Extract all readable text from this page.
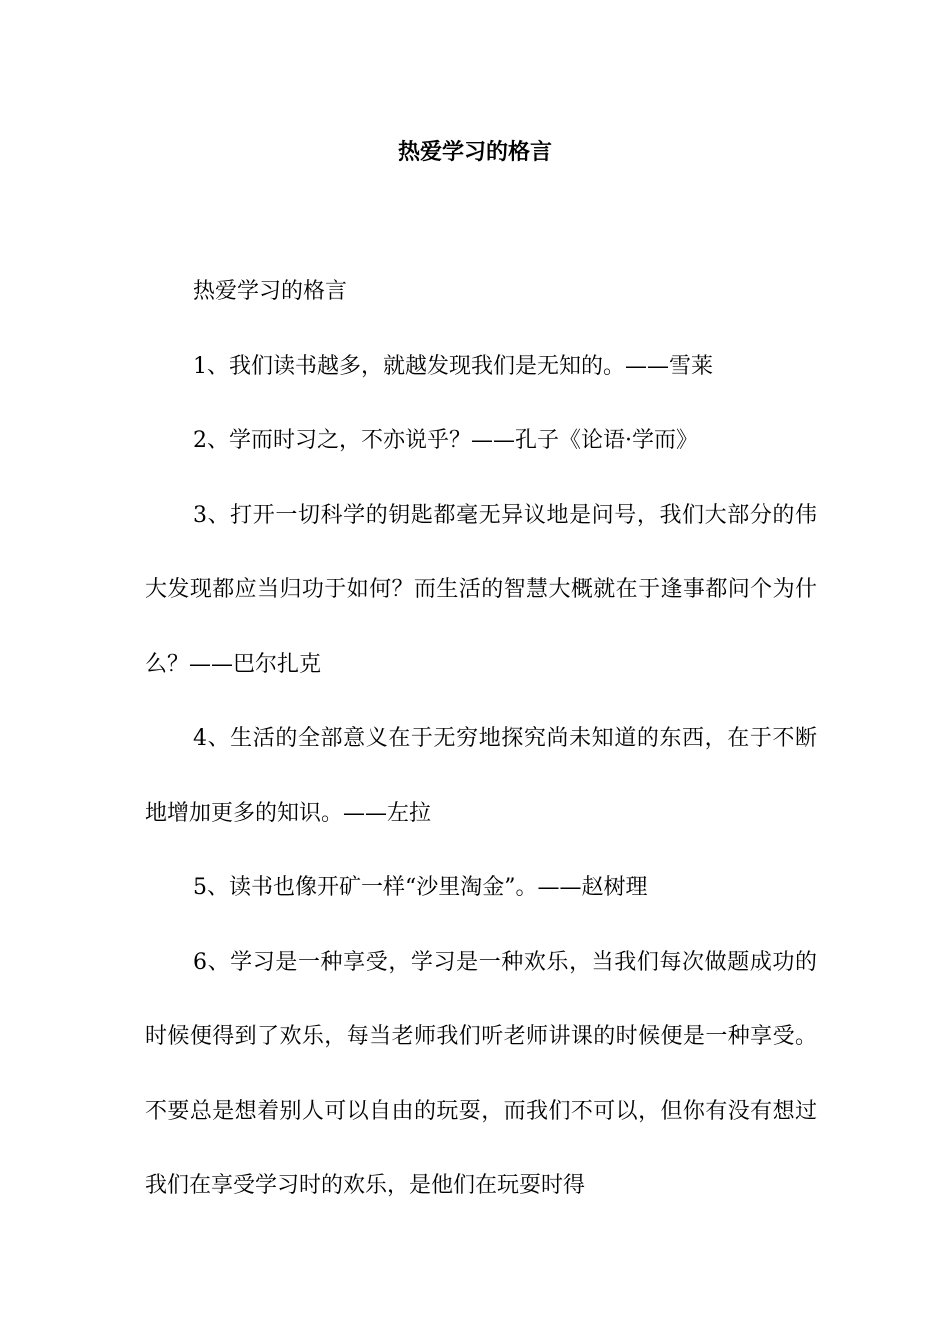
热爱学习的格言

热爱学习的格言

1、我们读书越多，就越发现我们是无知的。——雪莱

2、学而时习之，不亦说乎？——孔子《论语·学而》

3、打开一切科学的钥匙都毫无异议地是问号，我们大部分的伟大发现都应当归功于如何？而生活的智慧大概就在于逢事都问个为什么？——巴尔扎克

4、生活的全部意义在于无穷地探究尚未知道的东西，在于不断地增加更多的知识。——左拉

5、读书也像开矿一样“沙里淘金”。——赵树理

6、学习是一种享受，学习是一种欢乐，当我们每次做题成功的时候便得到了欢乐，每当老师我们听老师讲课的时候便是一种享受。不要总是想着别人可以自由的玩耍，而我们不可以，但你有没有想过我们在享受学习时的欢乐，是他们在玩耍时得
